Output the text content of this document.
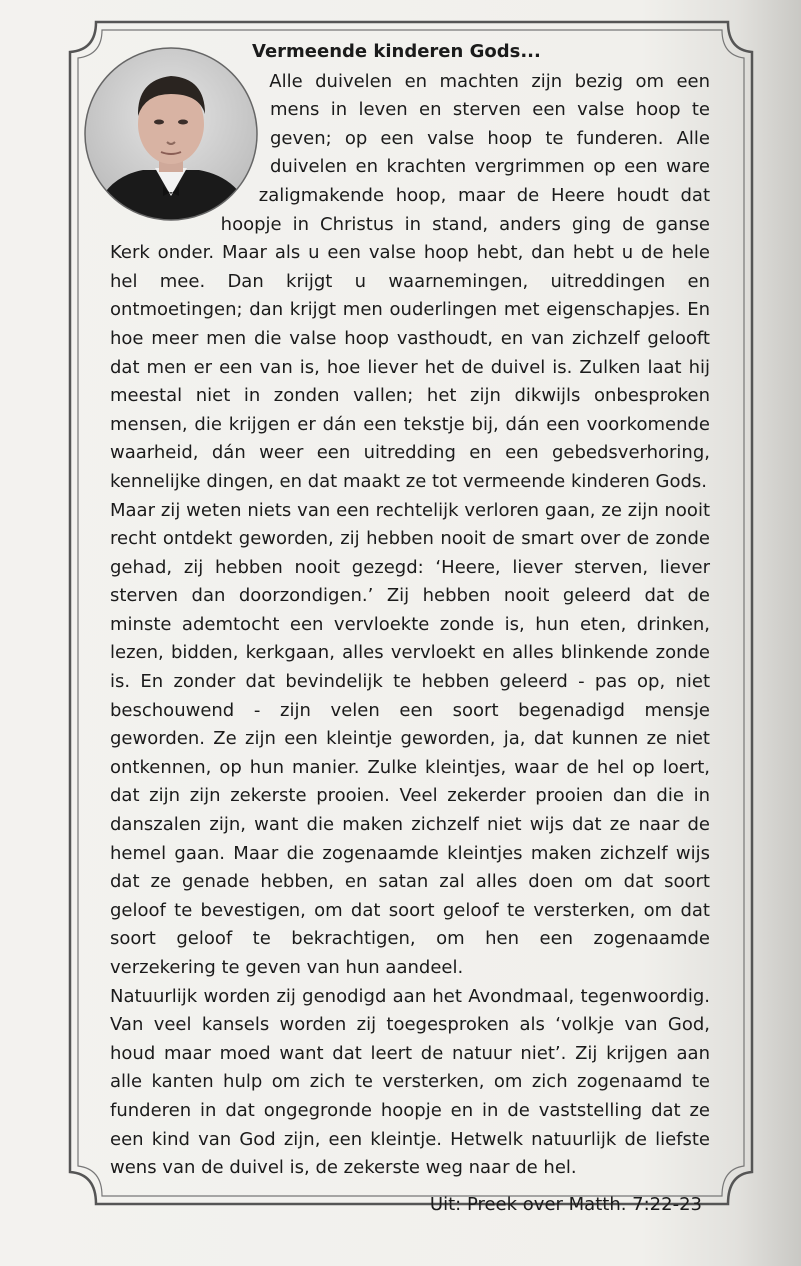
Vermeende kinderen Gods...

Alle duivelen en machten zijn bezig om een mens in leven en sterven een valse hoop te geven; op een valse hoop te funderen. Alle duivelen en krachten vergrimmen op een ware zaligmakende hoop, maar de Heere houdt dat hoopje in Christus in stand, anders ging de ganse Kerk onder. Maar als u een valse hoop hebt, dan hebt u de hele hel mee. Dan krijgt u waarnemingen, uitreddingen en ontmoetingen; dan krijgt men ouderlingen met eigenschapjes. En hoe meer men die valse hoop vasthoudt, en van zichzelf gelooft dat men er een van is, hoe liever het de duivel is. Zulken laat hij meestal niet in zonden vallen; het zijn dikwijls onbesproken mensen, die krijgen er dán een tekstje bij, dán een voorkomende waarheid, dán weer een uitredding en een gebedsverhoring, kennelijke dingen, en dat maakt ze tot vermeende kinderen Gods.

Maar zij weten niets van een rechtelijk verloren gaan, ze zijn nooit recht ontdekt geworden, zij hebben nooit de smart over de zonde gehad, zij hebben nooit gezegd: ‘Heere, liever sterven, liever sterven dan doorzondigen.’ Zij hebben nooit geleerd dat de minste ademtocht een vervloekte zonde is, hun eten, drinken, lezen, bidden, kerkgaan, alles vervloekt en alles blinkende zonde is. En zonder dat bevindelijk te hebben geleerd - pas op, niet beschouwend - zijn velen een soort begenadigd mensje geworden. Ze zijn een kleintje geworden, ja, dat kunnen ze niet ontkennen, op hun manier. Zulke kleintjes, waar de hel op loert, dat zijn zijn zekerste prooien. Veel zekerder prooien dan die in danszalen zijn, want die maken zichzelf niet wijs dat ze naar de hemel gaan. Maar die zogenaamde kleintjes maken zichzelf wijs dat ze genade hebben, en satan zal alles doen om dat soort geloof te bevestigen, om dat soort geloof te versterken, om dat soort geloof te bekrachtigen, om hen een zogenaamde verzekering te geven van hun aandeel.

Natuurlijk worden zij genodigd aan het Avondmaal, tegenwoordig. Van veel kansels worden zij toegesproken als ‘volkje van God, houd maar moed want dat leert de natuur niet’. Zij krijgen aan alle kanten hulp om zich te versterken, om zich zogenaamd te funderen in dat ongegronde hoopje en in de vaststelling dat ze een kind van God zijn, een kleintje. Hetwelk natuurlijk de liefste wens van de duivel is, de zekerste weg naar de hel.

Uit: Preek over Matth. 7:22-23
